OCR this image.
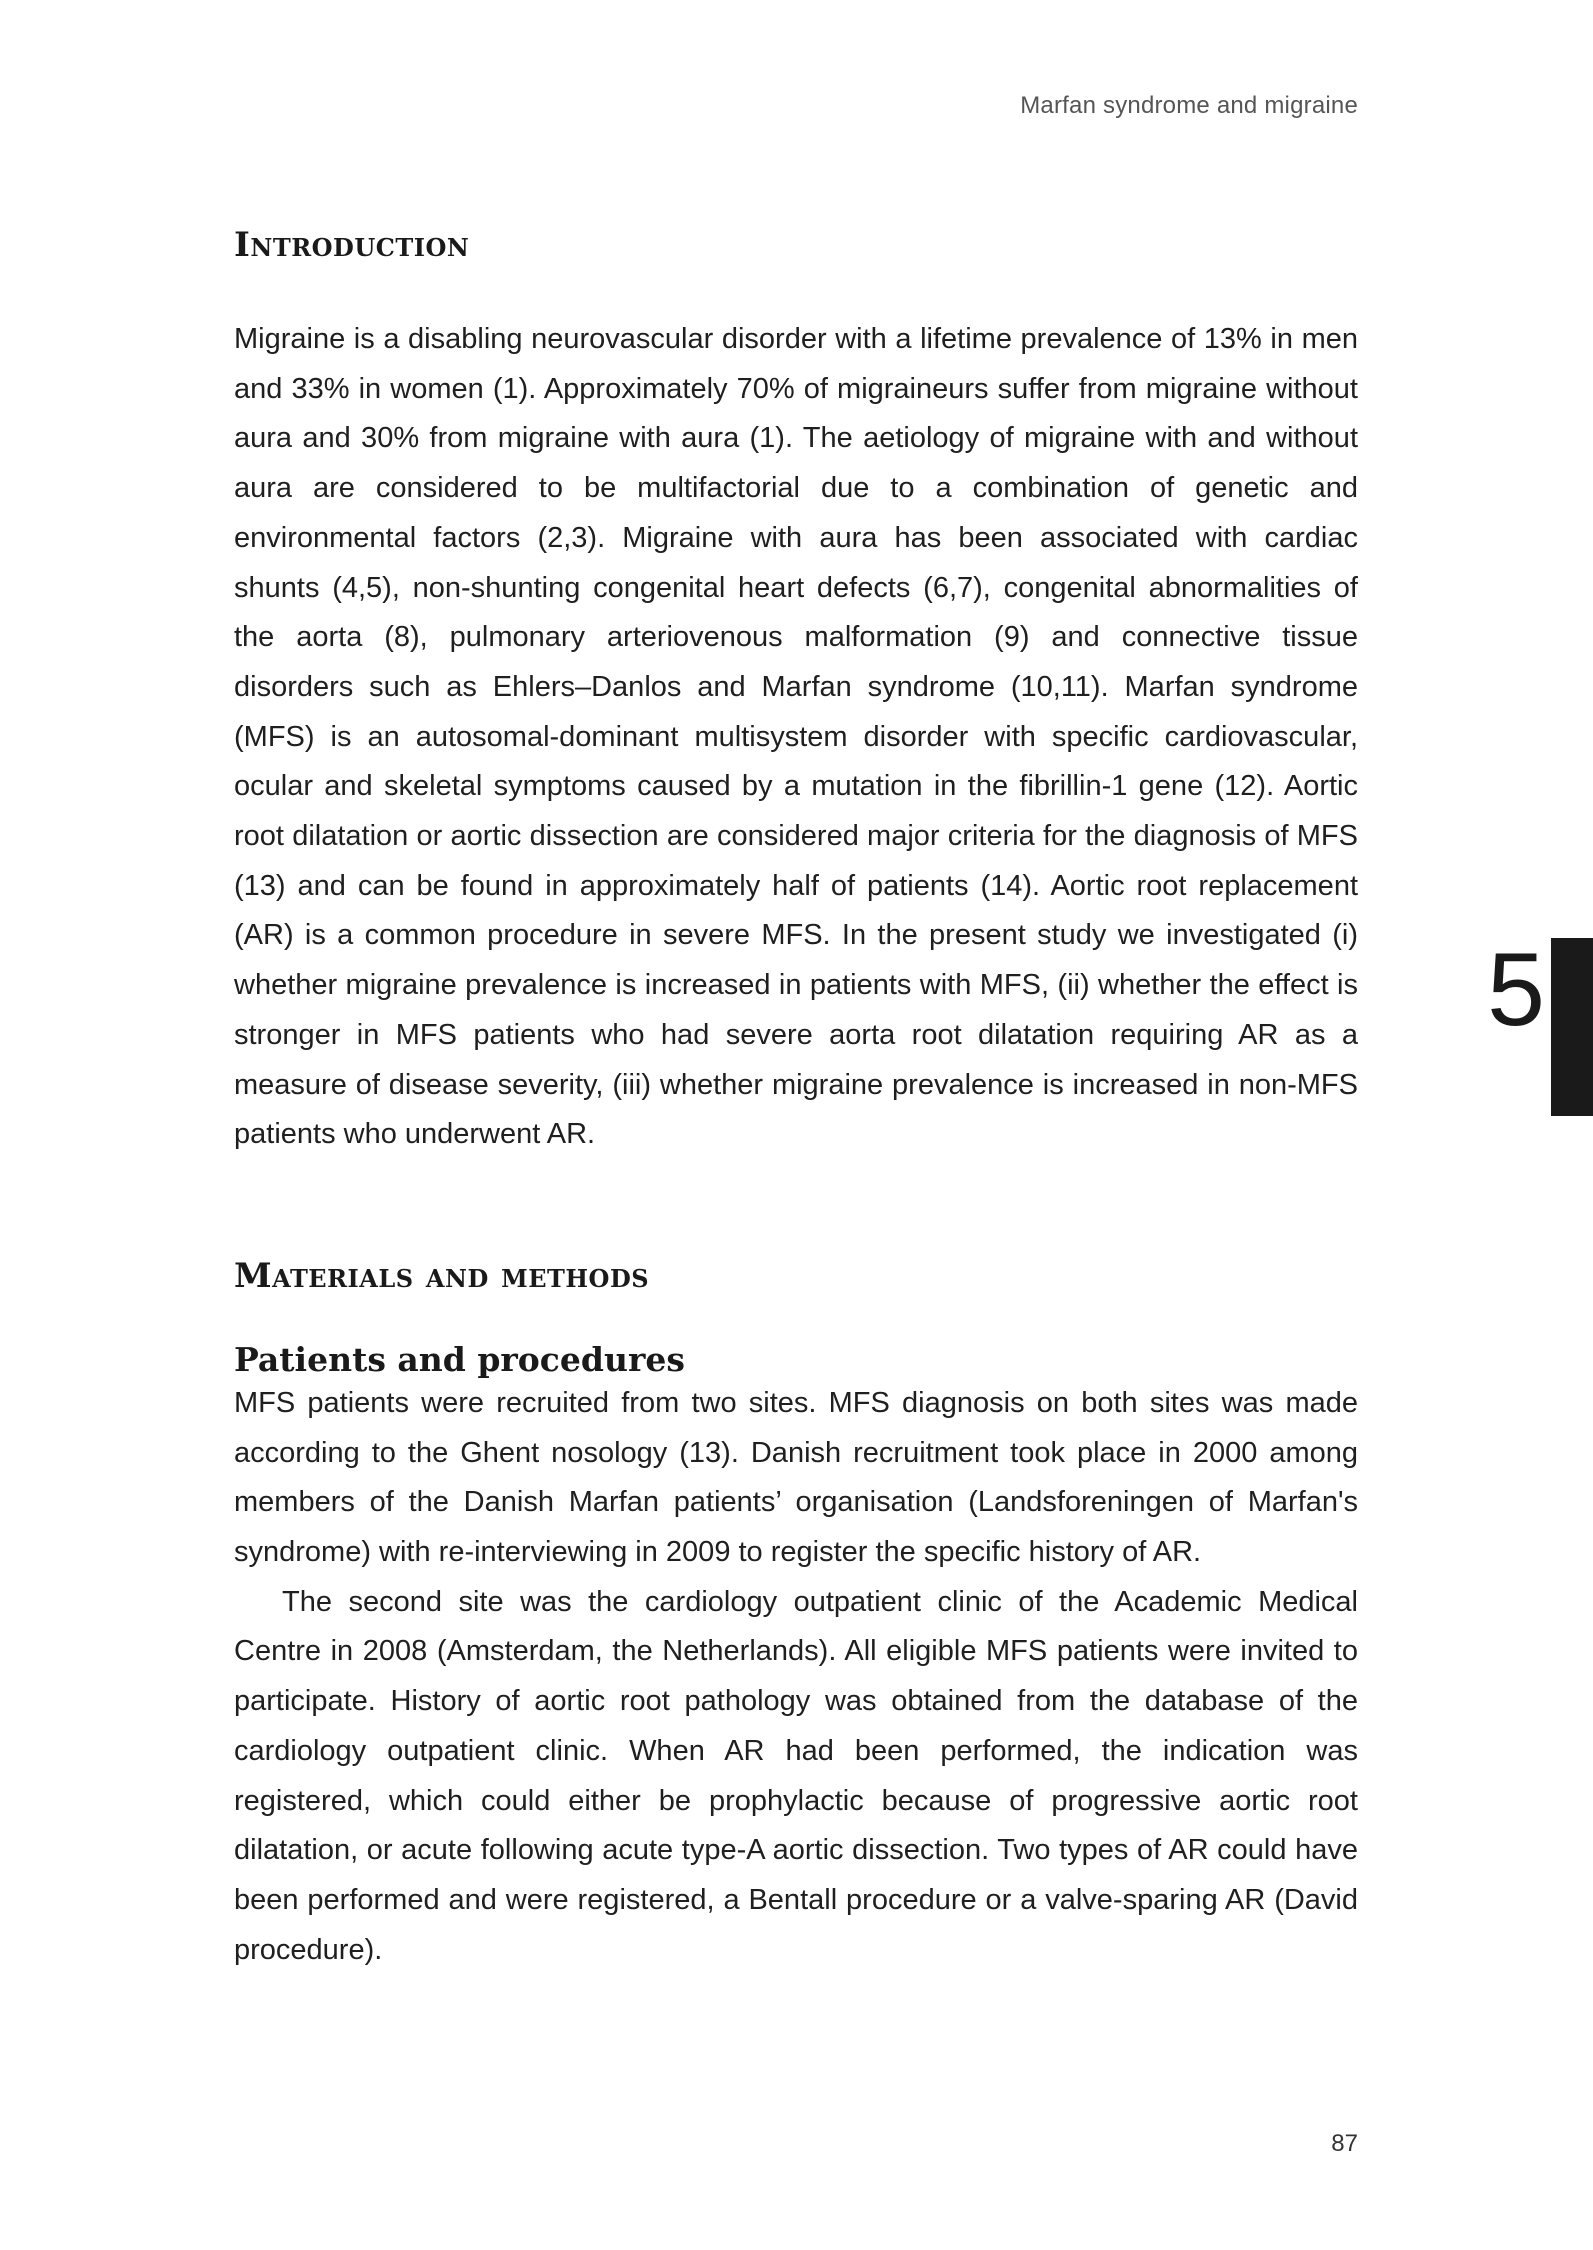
Marfan syndrome and migraine
Introduction

Migraine is a disabling neurovascular disorder with a lifetime prevalence of 13% in men and 33% in women (1). Approximately 70% of migraineurs suffer from migraine without aura and 30% from migraine with aura (1). The aetiology of migraine with and without aura are considered to be multifactorial due to a combination of genetic and environmental factors (2,3). Migraine with aura has been associated with cardiac shunts (4,5), non-shunting congenital heart defects (6,7), congenital abnormalities of the aorta (8), pulmonary arteriovenous malformation (9) and connective tissue disorders such as Ehlers–Danlos and Marfan syndrome (10,11). Marfan syndrome (MFS) is an autosomal-dominant multisystem disorder with specific cardiovascular, ocular and skeletal symptoms caused by a mutation in the fibrillin-1 gene (12). Aortic root dilatation or aortic dissection are considered major criteria for the diagnosis of MFS (13) and can be found in approximately half of patients (14). Aortic root replacement (AR) is a common procedure in severe MFS. In the present study we investigated (i) whether migraine prevalence is increased in patients with MFS, (ii) whether the effect is stronger in MFS patients who had severe aorta root dilatation requiring AR as a measure of disease severity, (iii) whether migraine prevalence is increased in non-MFS patients who underwent AR.

Materials and methods
Patients and procedures

MFS patients were recruited from two sites. MFS diagnosis on both sites was made according to the Ghent nosology (13). Danish recruitment took place in 2000 among members of the Danish Marfan patients’ organisation (Landsforeningen of Marfan's syndrome) with re-interviewing in 2009 to register the specific history of AR.

The second site was the cardiology outpatient clinic of the Academic Medical Centre in 2008 (Amsterdam, the Netherlands). All eligible MFS patients were invited to participate. History of aortic root pathology was obtained from the database of the cardiology outpatient clinic. When AR had been performed, the indication was registered, which could either be prophylactic because of progressive aortic root dilatation, or acute following acute type-A aortic dissection. Two types of AR could have been performed and were registered, a Bentall procedure or a valve-sparing AR (David procedure).

5
87
